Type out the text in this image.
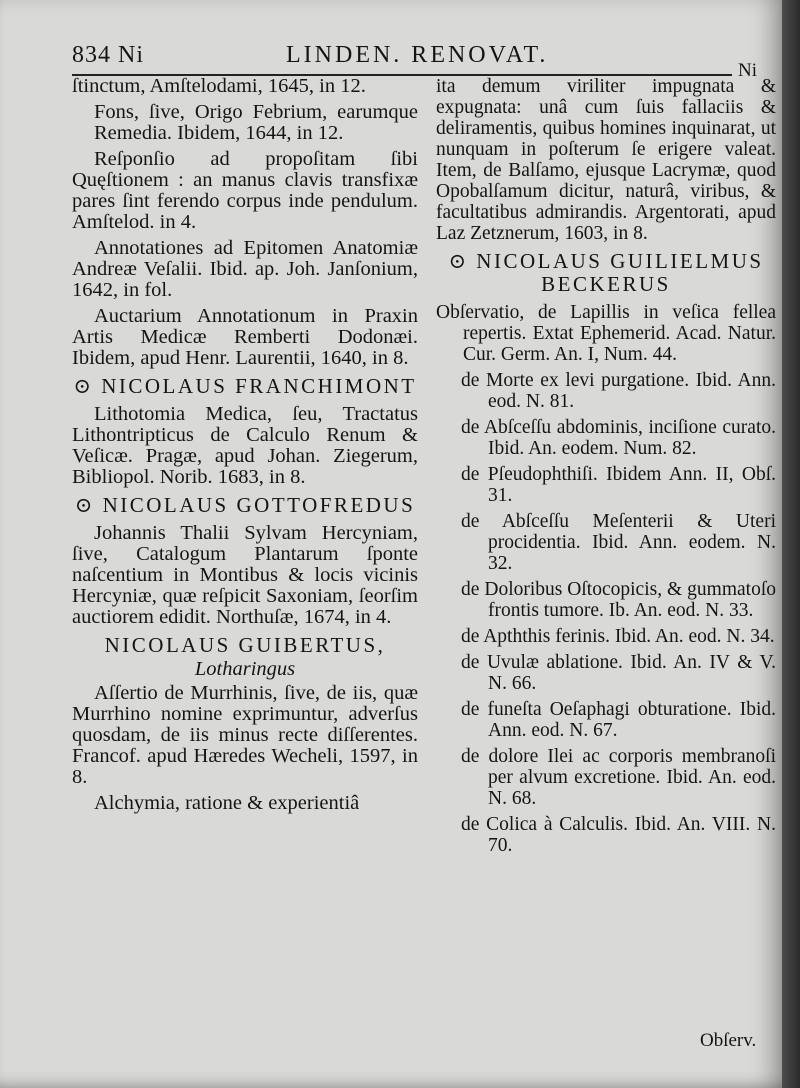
834 Ni	LINDEN. RENOVAT.
Ni
ſtinctum, Amſtelodami, 1645, in 12.
Fons, ſive, Origo Febrium, earumque Remedia. Ibidem, 1644, in 12.
Reſponſio ad propoſitam ſibi Quęſtionem : an manus clavis transfixæ pares ſint ferendo corpus inde pendulum. Amſtelod. in 4.
Annotationes ad Epitomen Anatomiæ Andreæ Veſalii. Ibid. ap. Joh. Janſonium, 1642, in fol.
Auctarium Annotationum in Praxin Artis Medicæ Remberti Dodonæi. Ibidem, apud Henr. Laurentii, 1640, in 8.
⊙ NICOLAUS FRANCHIMONT
Lithotomia Medica, ſeu, Tractatus Lithontripticus de Calculo Renum & Veſicæ. Pragæ, apud Johan. Ziegerum, Bibliopol. Norib. 1683, in 8.
⊙ NICOLAUS GOTTOFREDUS
Johannis Thalii Sylvam Hercyniam, ſive, Catalogum Plantarum ſponte naſcentium in Montibus & locis vicinis Hercyniæ, quæ reſpicit Saxoniam, ſeorſim auctiorem edidit. Northuſæ, 1674, in 4.
NICOLAUS GUIBERTUS,
Lotharingus
Aſſertio de Murrhinis, ſive, de iis, quæ Murrhino nomine exprimuntur, adverſus quosdam, de iis minus recte diſſerentes. Francof. apud Hæredes Wecheli, 1597, in 8.
Alchymia, ratione & experientiâ
ita demum viriliter impugnata & expugnata: unâ cum ſuis fallaciis & deliramentis, quibus homines inquinarat, ut nunquam in poſterum ſe erigere valeat. Item, de Balſamo, ejusque Lacrymæ, quod Opobalſamum dicitur, naturâ, viribus, & facultatibus admirandis. Argentorati, apud Laz Zetznerum, 1603, in 8.
⊙ NICOLAUS GUILIELMUS BECKERUS
Obſervatio, de Lapillis in veſica fellea repertis. Extat Ephemerid. Acad. Natur. Cur. Germ. An. I, Num. 44.
de Morte ex levi purgatione. Ibid. Ann. eod. N. 81.
de Abſceſſu abdominis, inciſione curato. Ibid. An. eodem. Num. 82.
de Pſeudophthiſi. Ibidem Ann. II, Obſ. 31.
de Abſceſſu Meſenterii & Uteri procidentia. Ibid. Ann. eodem. N. 32.
de Doloribus Oſtocopicis, & gummatoſo frontis tumore. Ib. An. eod. N. 33.
de Apththis ferinis. Ibid. An. eod. N. 34.
de Uvulæ ablatione. Ibid. An. IV & V. N. 66.
de funeſta Oeſaphagi obturatione. Ibid. Ann. eod. N. 67.
de dolore Ilei ac corporis membranoſi per alvum excretione. Ibid. An. eod. N. 68.
de Colica à Calculis. Ibid. An. VIII. N. 70.
Obſerv.
